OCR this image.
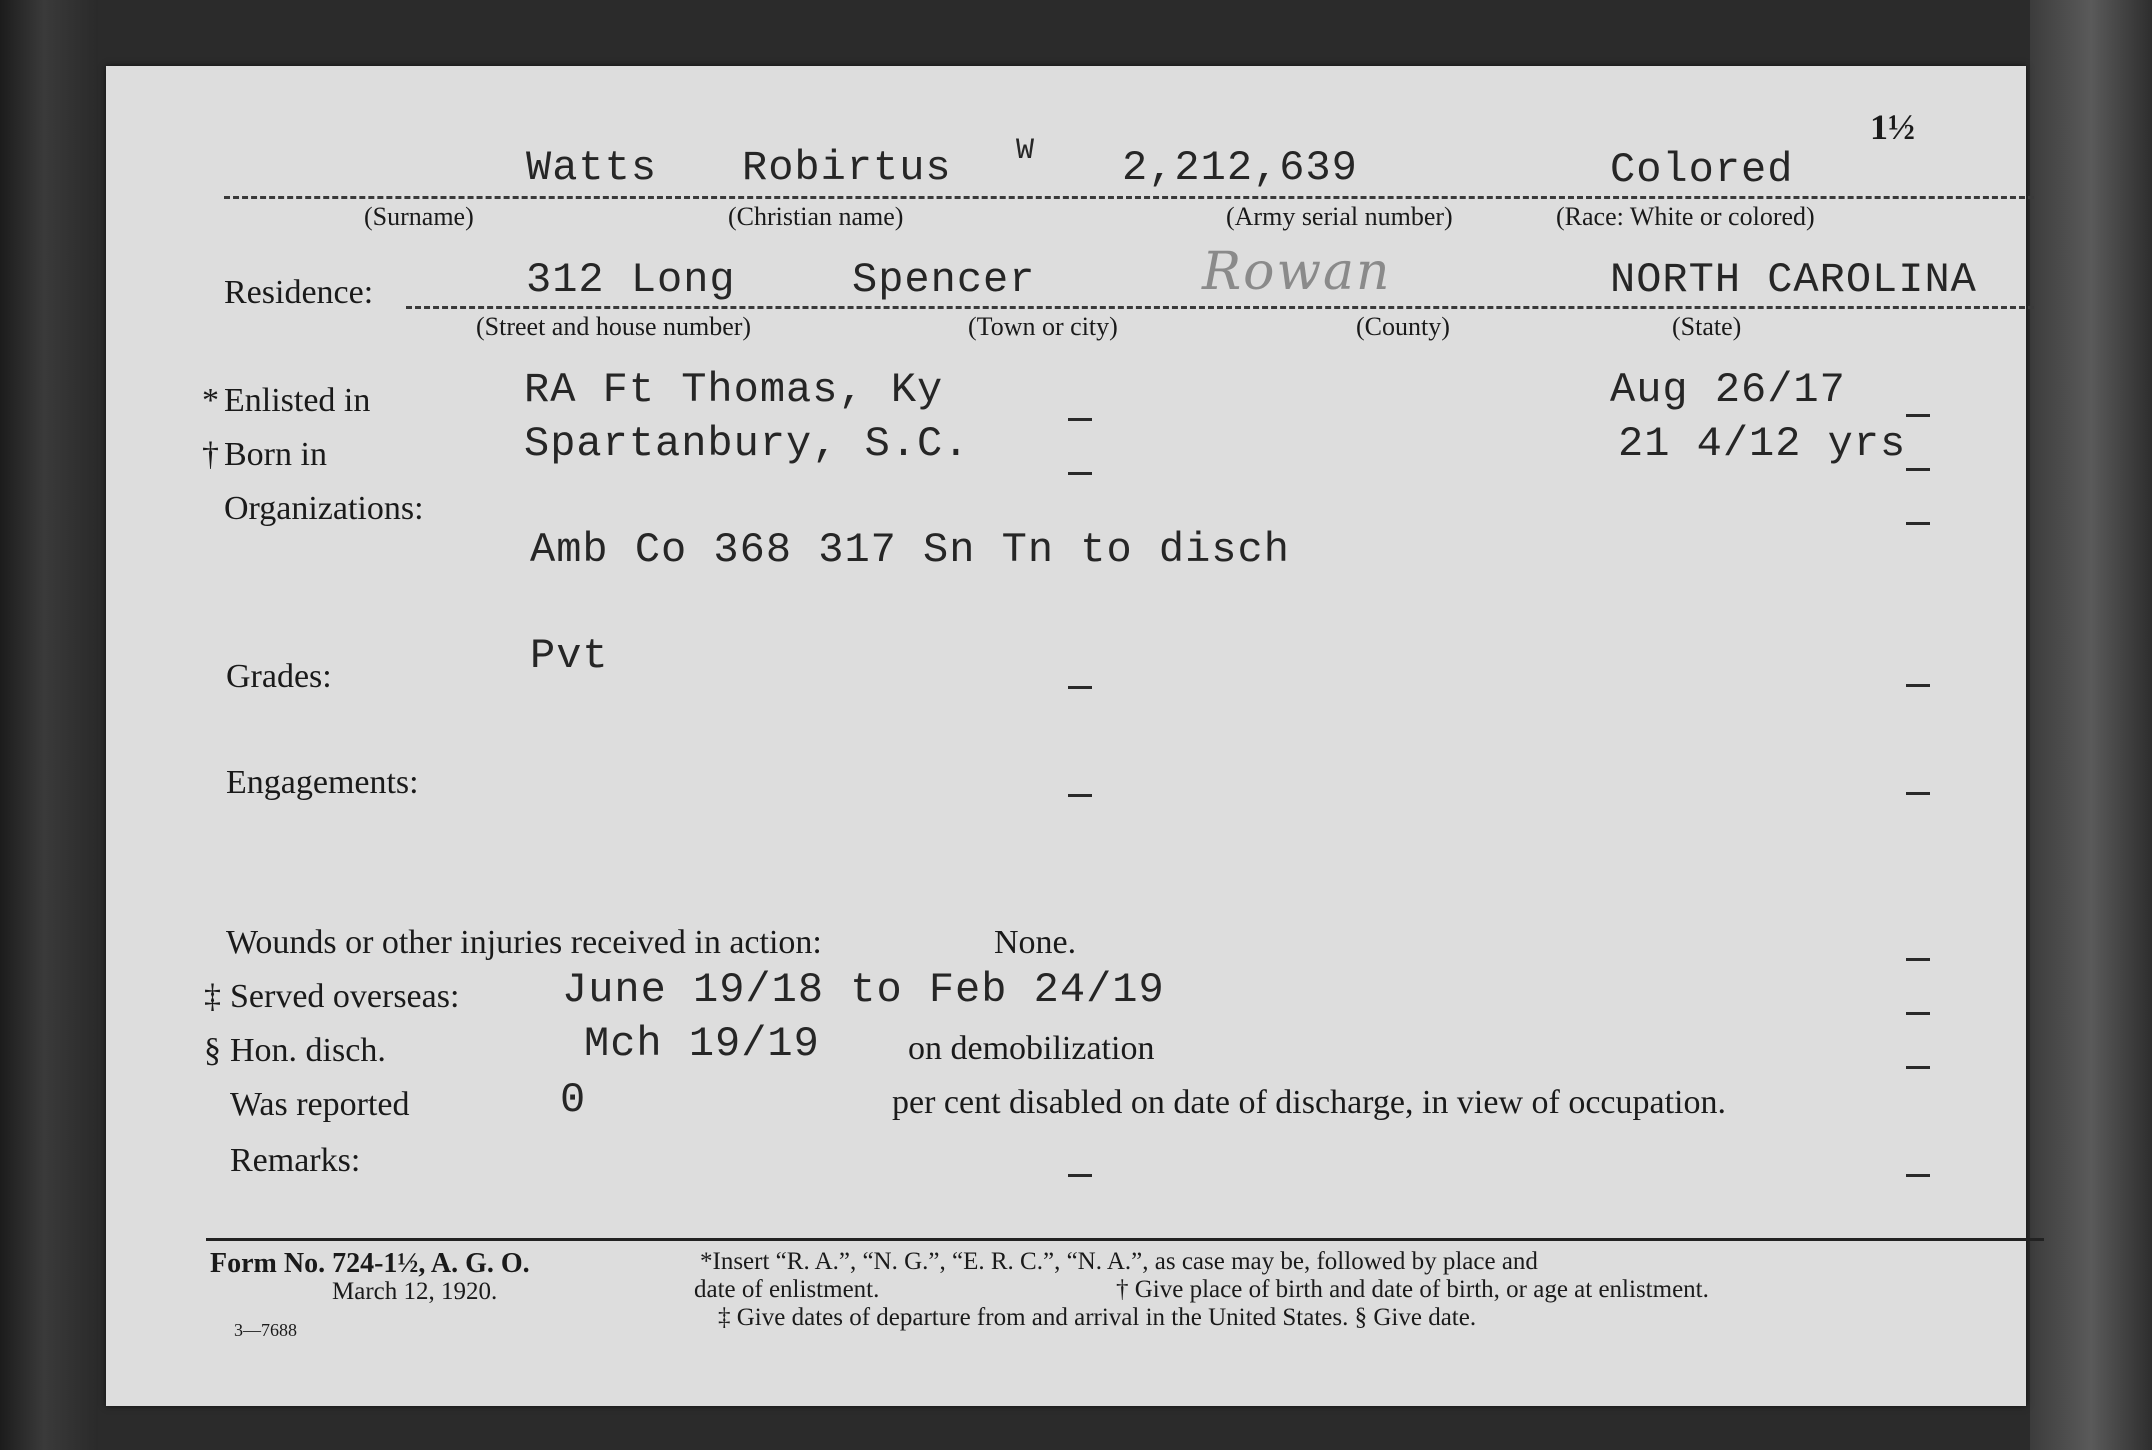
1½
Watts Robirtus W 2,212,639	Colored
(Surname)	(Christian name)	(Army serial number)	(Race: White or colored)
Residence:	312 Long	Spencer	Rowan	NORTH CAROLINA
(Street and house number)	(Town or city)	(County)	(State)
* Enlisted in	RA Ft Thomas, Ky	Aug 26/17
† Born in	Spartanbury, S.C.	21 4/12 yrs
Organizations:
Amb Co 368 317 Sn Tn to disch
Grades:	Pvt
Engagements:
Wounds or other injuries received in action:	None.
‡ Served overseas: June 19/18 to Feb 24/19
§ Hon. disch.	Mch 19/19	on demobilization
Was reported	0	per cent disabled on date of discharge, in view of occupation.
Remarks:
Form No. 724-1½, A. G. O.
March 12, 1920.
3—7688
*Insert “R. A.”, “N. G.”, “E. R. C.”, “N. A.”, as case may be, followed by place and
date of enlistment.	† Give place of birth and date of birth, or age at enlistment.
‡ Give dates of departure from and arrival in the United States. § Give date.
